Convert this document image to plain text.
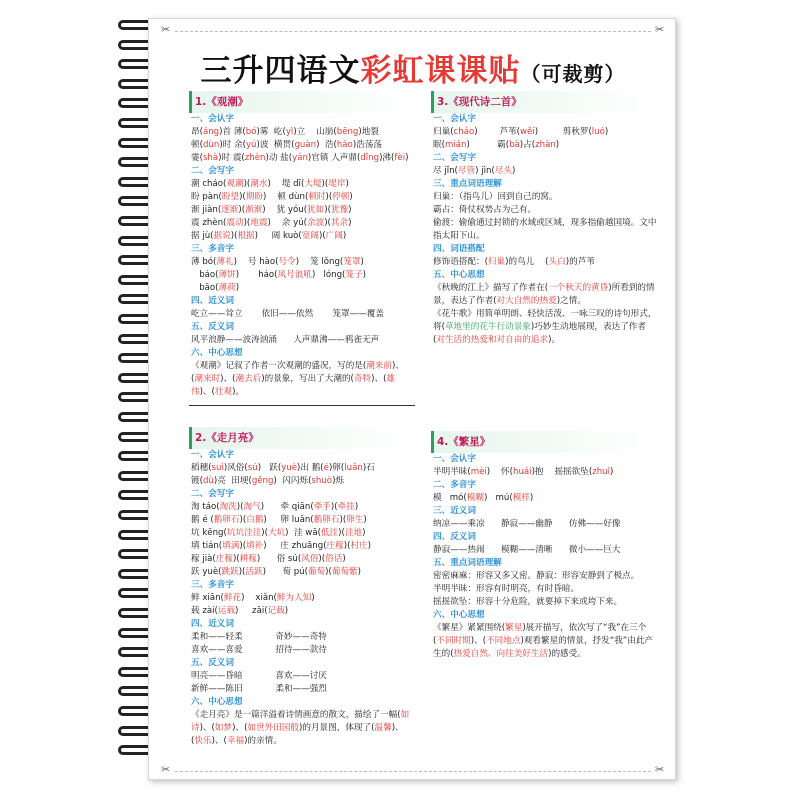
✂	✂
✂	✂
三升四语文彩虹课课贴（可裁剪）
1.《观潮》
一、会认字
昂(áng)首 薄(bó)雾  屹(yì)立    山崩(bēng)地裂
顿(dùn)时 余(yú)波  横贯(guàn)  浩(hào)浩荡荡
霎(shà)时 震(zhèn)动 盐(yán)官镇 人声鼎(dǐng)沸(fèi)
二、会写字
潮 cháo(观潮)(潮水)    堤 dī(大堤)(堤岸)
盼 pàn(盼望)(期盼)    顿 dùn(顿时)(停顿)
渐 jiàn(逐渐)(渐渐)    犹 yóu(犹如)(犹豫)
震 zhèn(震动)(地震)    余 yú(余波)(其余)
据 jù(据说)(根据)     阔 kuò(宽阔)(广阔)
三、多音字
薄 bó(薄礼)    号 hào(号令)    笼 lǒng(笼罩)
báo(薄饼)       háo(风号浪吼)   lóng(笼子)
bāo(薄荷)
四、近义词
屹立——耸立       依旧——依然       笼罩——覆盖
五、反义词
风平浪静——波涛汹涌      人声鼎沸——鸦雀无声
六、中心思想
《观潮》记叙了作者一次观潮的盛况，写的是(潮来前)、(潮来时)、(潮去后)的景象，写出了大潮的(奇特)、(雄伟)、(壮观)。
2.《走月亮》
一、会认字
稻穗(suì)风俗(sú)   跃(yuè)出 鹅(é)卵(luǎn)石
镀(dù)亮  田埂(gěng)  闪闪烁(shuò)烁
二、会写字
淘 táo(淘洗)(淘气)      牵 qiān(牵手)(牵挂)
鹅 é (鹅卵石)(白鹅)     卵 luǎn(鹅卵石)(卵生)
坑 kēng(坑坑洼洼)(大坑)  洼 wā(低洼)(洼地)
填 tián(填满)(填补)     庄 zhuāng(庄稼)(村庄)
稼 jià(庄稼)(耕稼)      俗 sú(风俗)(俗话)
跃 yuè(跳跃)(活跃)      萄 pú(葡萄)(葡萄紫)
三、多音字
鲜 xiān(鲜花)    xiǎn(鲜为人知)
载 zài(运载)     zǎi(记载)
四、近义词
柔和——轻柔            奇妙——奇特
喜欢——喜爱            招待——款待
五、反义词
明亮——昏暗            喜欢——讨厌
新鲜——陈旧            柔和——强烈
六、中心思想
《走月亮》是一篇洋溢着诗情画意的散文，描绘了一幅(如诗)、(如梦)、(如世外田园般)的月景图，体现了(温馨)、(快乐)、(幸福)的亲情。
3.《现代诗二首》
一、会认字
归巢(cháo)        芦苇(wěi)         剪秋罗(luó)
眠(mián)          霸(bà)占(zhàn)
二、会写字
尽 jǐn(尽管) jìn(尽头)
三、重点词语理解
归巢：（指鸟儿）回到自己的窝。
霸占：倚仗权势占为己有。
偷渡：偷偷通过封锁的水域或区域，现多指偷越国境。文中指太阳下山。
四、词语搭配
修饰语搭配：(归巢)的鸟儿    (头白)的芦苇
五、中心思想
《秋晚的江上》描写了作者在(一个秋天的黄昏)所看到的情景，表达了作者(对大自然的热爱)之情。
《花牛歌》用简单明朗、轻快活泼、一咏三叹的诗句形式，将(草地里的花牛行动景象)巧妙生动地展现，表达了作者(对生活的热爱和对自由的追求)。
4.《繁星》
一、会认字
半明半昧(mèi)    怀(huái)抱    摇摇欲坠(zhuì)
二、多音字
模   mó(模糊)   mú(模样)
三、近义词
纳凉——乘凉      静寂——幽静      仿佛——好像
四、反义词
静寂——热闹      模糊——清晰      微小——巨大
五、重点词语理解
密密麻麻：形容又多又密。静寂：形容安静到了极点。
半明半昧：形容有时明亮，有时昏暗。
摇摇欲坠：形容十分危险，就要掉下来或垮下来。
六、中心思想
《繁星》紧紧围绕(繁星)展开描写，依次写了“我”在三个(不同时期)、(不同地点)观看繁星的情景，抒发“我”由此产生的(热爱自然、向往美好生活)的感受。
